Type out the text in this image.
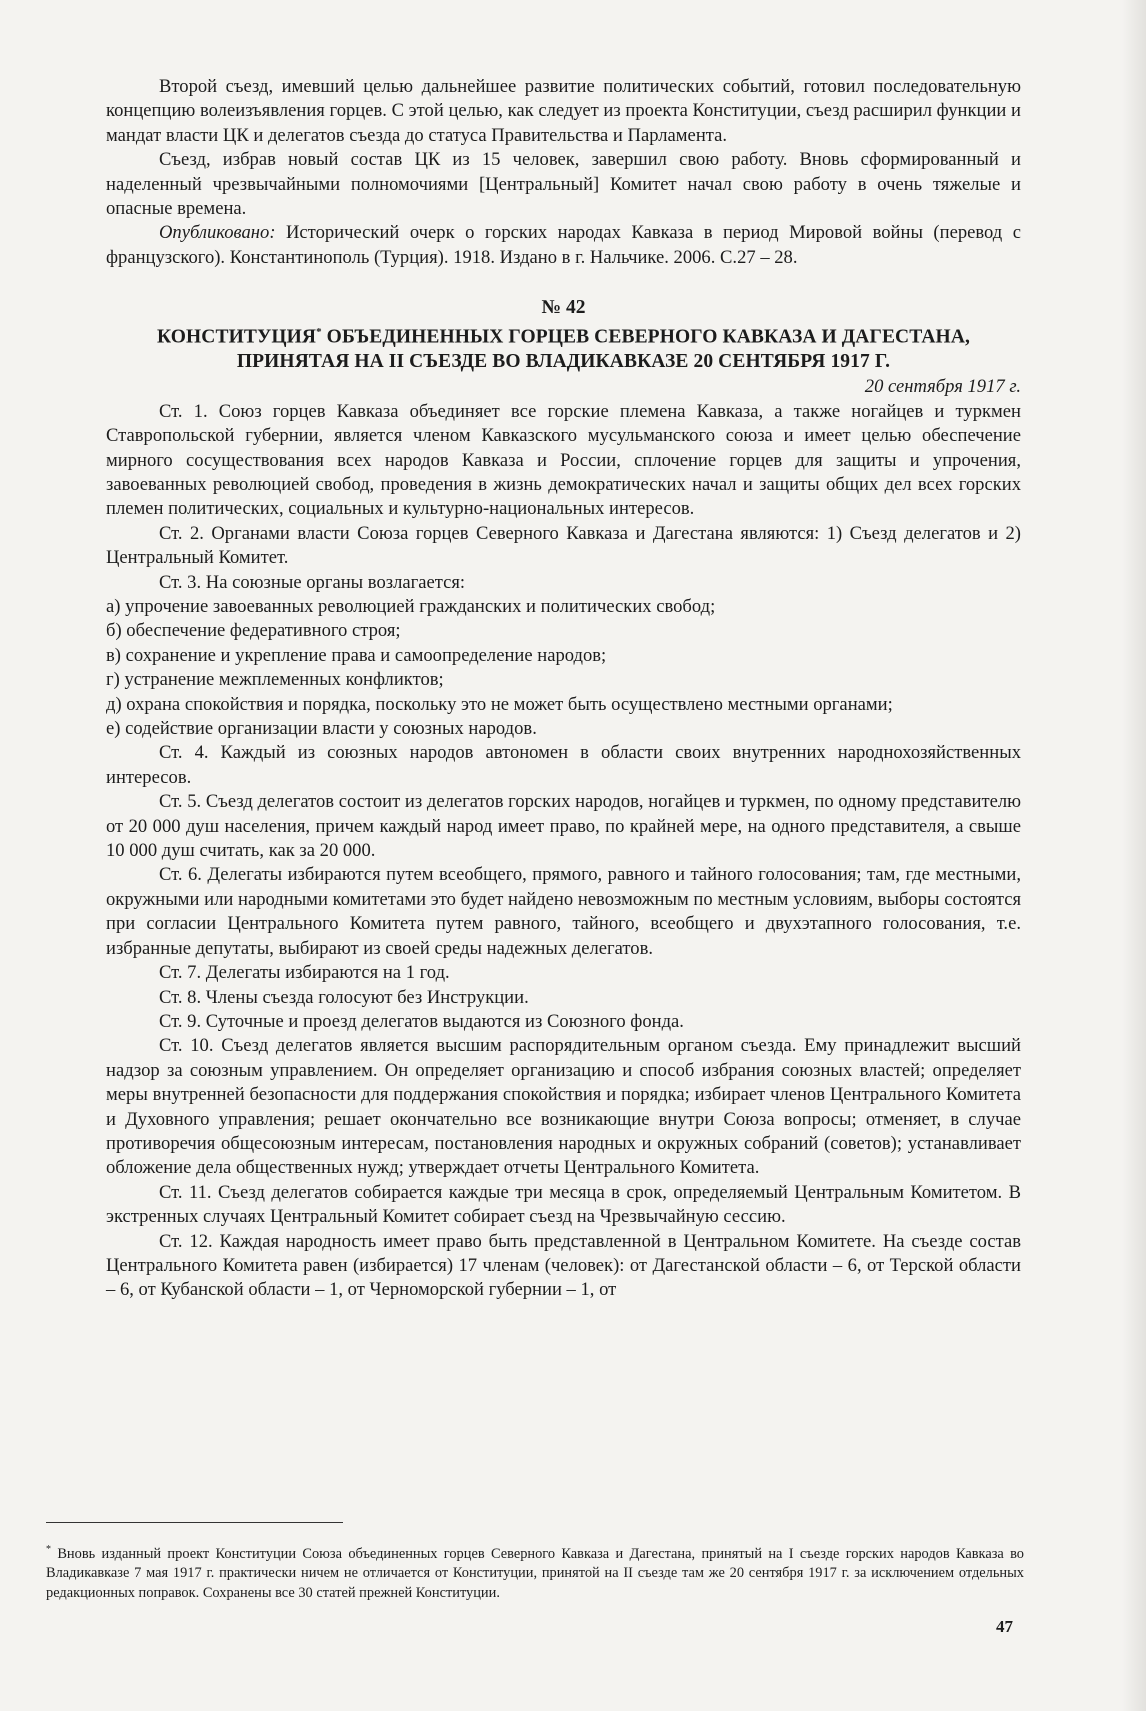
Второй съезд, имевший целью дальнейшее развитие политических событий, готовил последовательную концепцию волеизъявления горцев. С этой целью, как следует из проекта Конституции, съезд расширил функции и мандат власти ЦК и делегатов съезда до статуса Правительства и Парламента.

Съезд, избрав новый состав ЦК из 15 человек, завершил свою работу. Вновь сформированный и наделенный чрезвычайными полномочиями [Центральный] Комитет начал свою работу в очень тяжелые и опасные времена.

Опубликовано: Исторический очерк о горских народах Кавказа в период Мировой войны (перевод с французского). Константинополь (Турция). 1918. Издано в г. Нальчике. 2006. С.27 – 28.

№ 42
КОНСТИТУЦИЯ* ОБЪЕДИНЕННЫХ ГОРЦЕВ СЕВЕРНОГО КАВКАЗА И ДАГЕСТАНА, ПРИНЯТАЯ НА II СЪЕЗДЕ ВО ВЛАДИКАВКАЗЕ 20 СЕНТЯБРЯ 1917 Г.
20 сентября 1917 г.

Ст. 1. Союз горцев Кавказа объединяет все горские племена Кавказа, а также ногайцев и туркмен Ставропольской губернии, является членом Кавказского мусульманского союза и имеет целью обеспечение мирного сосуществования всех народов Кавказа и России, сплочение горцев для защиты и упрочения, завоеванных революцией свобод, проведения в жизнь демократических начал и защиты общих дел всех горских племен политических, социальных и культурно-национальных интересов.

Ст. 2. Органами власти Союза горцев Северного Кавказа и Дагестана являются: 1) Съезд делегатов и 2) Центральный Комитет.

Ст. 3. На союзные органы возлагается:

а) упрочение завоеванных революцией гражданских и политических свобод;

б) обеспечение федеративного строя;

в) сохранение и укрепление права и самоопределение народов;

г) устранение межплеменных конфликтов;

д) охрана спокойствия и порядка, поскольку это не может быть осуществлено местными органами;

е) содействие организации власти у союзных народов.

Ст. 4. Каждый из союзных народов автономен в области своих внутренних народнохозяйственных интересов.

Ст. 5. Съезд делегатов состоит из делегатов горских народов, ногайцев и туркмен, по одному представителю от 20 000 душ населения, причем каждый народ имеет право, по крайней мере, на одного представителя, а свыше 10 000 душ считать, как за 20 000.

Ст. 6. Делегаты избираются путем всеобщего, прямого, равного и тайного голосования; там, где местными, окружными или народными комитетами это будет найдено невозможным по местным условиям, выборы состоятся при согласии Центрального Комитета путем равного, тайного, всеобщего и двухэтапного голосования, т.е. избранные депутаты, выбирают из своей среды надежных делегатов.

Ст. 7. Делегаты избираются на 1 год.

Ст. 8. Члены съезда голосуют без Инструкции.

Ст. 9. Суточные и проезд делегатов выдаются из Союзного фонда.

Ст. 10. Съезд делегатов является высшим распорядительным органом съезда. Ему принадлежит высший надзор за союзным управлением. Он определяет организацию и способ избрания союзных властей; определяет меры внутренней безопасности для поддержания спокойствия и порядка; избирает членов Центрального Комитета и Духовного управления; решает окончательно все возникающие внутри Союза вопросы; отменяет, в случае противоречия общесоюзным интересам, постановления народных и окружных собраний (советов); устанавливает обложение дела общественных нужд; утверждает отчеты Центрального Комитета.

Ст. 11. Съезд делегатов собирается каждые три месяца в срок, определяемый Центральным Комитетом. В экстренных случаях Центральный Комитет собирает съезд на Чрезвычайную сессию.

Ст. 12. Каждая народность имеет право быть представленной в Центральном Комитете. На съезде состав Центрального Комитета равен (избирается) 17 членам (человек): от Дагестанской области – 6, от Терской области – 6, от Кубанской области – 1, от Черноморской губернии – 1, от

* Вновь изданный проект Конституции Союза объединенных горцев Северного Кавказа и Дагестана, принятый на I съезде горских народов Кавказа во Владикавказе 7 мая 1917 г. практически ничем не отличается от Конституции, принятой на II съезде там же 20 сентября 1917 г. за исключением отдельных редакционных поправок. Сохранены все 30 статей прежней Конституции.
47
